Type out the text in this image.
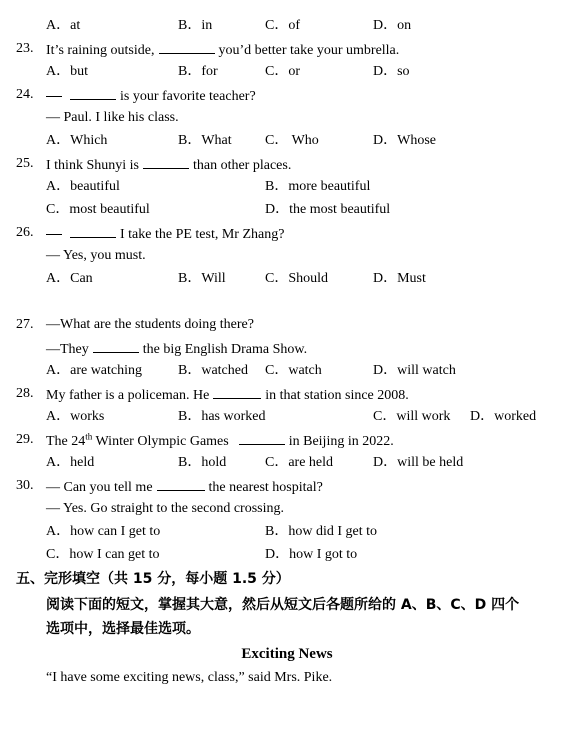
A．at	B．in	C．of	D．on
23. It’s raining outside,	you’d better take your umbrella.
A．but	B．for	C．or	D．so
24.	is your favorite teacher?
— Paul. I like his class.
A．Which	B．What C． Who	D．Whose
25. I think Shunyi is	than other places.
A．beautiful	B．more beautiful
C．most beautiful	D．the most beautiful
26.	I take the PE test, Mr Zhang?
— Yes, you must.
A．Can	B．Will	C．Should	D．Must
27. —What are the students doing there?
—They	the big English Drama Show.
A．are watching	B．watched C．watch	D．will watch
28. My father is a policeman. He	in that station since 2008.
A．works	B．has worked	C．will work D．worked
29. The 24th Winter Olympic Games	in Beijing in 2022.
A．held	B．hold	C．are held	D．will be held
30. — Can you tell me	the nearest hospital?
— Yes. Go straight to the second crossing.
A．how can I get to	B．how did I get to
C．how I can get to	D．how I got to
五、完形填空（共 15 分，每小题 1.5 分）
阅读下面的短文，掌握其大意，然后从短文后各题所给的 A、B、C、D 四个
选项中，选择最佳选项。
Exciting News
“I have some exciting news, class,” said Mrs. Pike.
